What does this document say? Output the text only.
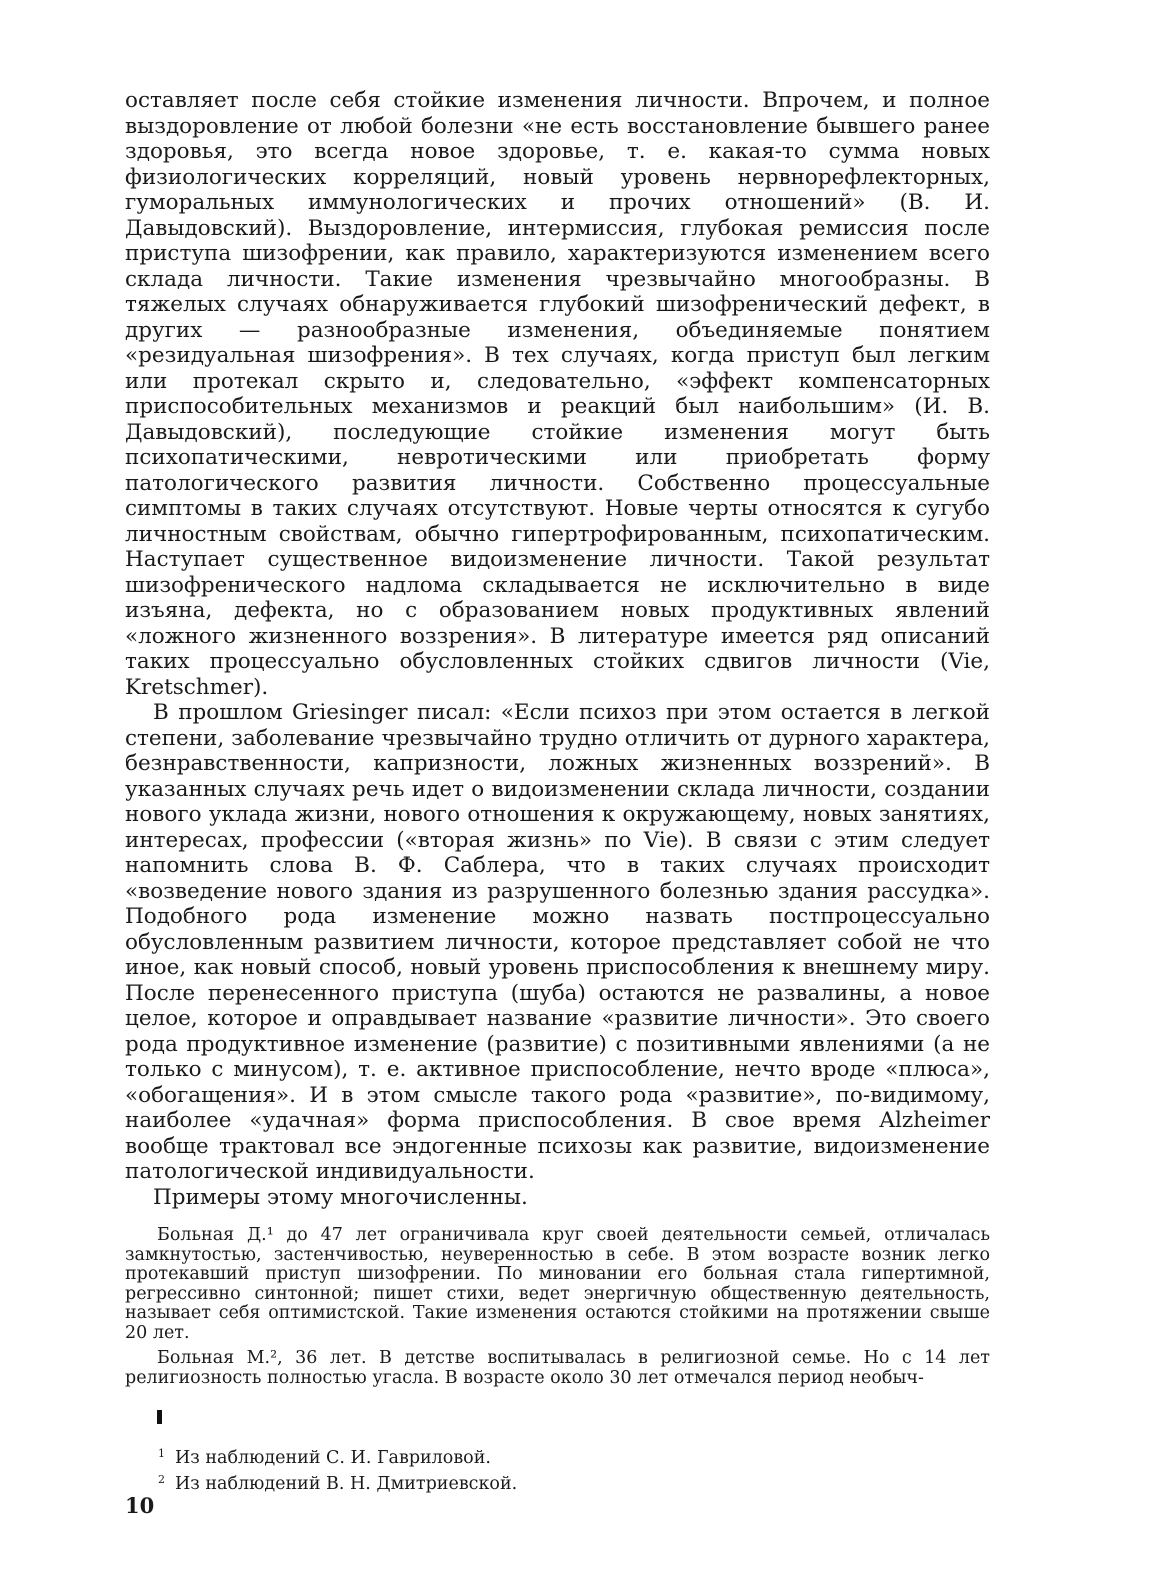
оставляет после себя стойкие изменения личности. Впрочем, и полное выздоровление от любой болезни «не есть восстановление бывшего ранее здоровья, это всегда новое здоровье, т. е. какая-то сумма новых физиологических корреляций, новый уровень нервнорефлекторных, гуморальных иммунологических и прочих отношений» (В. И. Давыдовский). Выздоровление, интермиссия, глубокая ремиссия после приступа шизофрении, как правило, характеризуются изменением всего склада личности. Такие изменения чрезвычайно многообразны. В тяжелых случаях обнаруживается глубокий шизофренический дефект, в других — разнообразные изменения, объединяемые понятием «резидуальная шизофрения». В тех случаях, когда приступ был легким или протекал скрыто и, следовательно, «эффект компенсаторных приспособительных механизмов и реакций был наибольшим» (И. В. Давыдовский), последующие стойкие изменения могут быть психопатическими, невротическими или приобретать форму патологического развития личности. Собственно процессуальные симптомы в таких случаях отсутствуют. Новые черты относятся к сугубо личностным свойствам, обычно гипертрофированным, психопатическим. Наступает существенное видоизменение личности. Такой результат шизофренического надлома складывается не исключительно в виде изъяна, дефекта, но с образованием новых продуктивных явлений «ложного жизненного воззрения». В литературе имеется ряд описаний таких процессуально обусловленных стойких сдвигов личности (Vie, Kretschmer).

В прошлом Griesinger писал: «Если психоз при этом остается в легкой степени, заболевание чрезвычайно трудно отличить от дурного характера, безнравственности, капризности, ложных жизненных воззрений». В указанных случаях речь идет о видоизменении склада личности, создании нового уклада жизни, нового отношения к окружающему, новых занятиях, интересах, профессии («вторая жизнь» по Vie). В связи с этим следует напомнить слова В. Ф. Саблера, что в таких случаях происходит «возведение нового здания из разрушенного болезнью здания рассудка». Подобного рода изменение можно назвать постпроцессуально обусловленным развитием личности, которое представляет собой не что иное, как новый способ, новый уровень приспособления к внешнему миру. После перенесенного приступа (шуба) остаются не развалины, а новое целое, которое и оправдывает название «развитие личности». Это своего рода продуктивное изменение (развитие) с позитивными явлениями (а не только с минусом), т. е. активное приспособление, нечто вроде «плюса», «обогащения». И в этом смысле такого рода «развитие», по-видимому, наиболее «удачная» форма приспособления. В свое время Alzheimer вообще трактовал все эндогенные психозы как развитие, видоизменение патологической индивидуальности.

Примеры этому многочисленны.

Больная Д.¹ до 47 лет ограничивала круг своей деятельности семьей, отличалась замкнутостью, застенчивостью, неуверенностью в себе. В этом возрасте возник легко протекавший приступ шизофрении. По миновании его больная стала гипертимной, регрессивно синтонной; пишет стихи, ведет энергичную общественную деятельность, называет себя оптимистской. Такие изменения остаются стойкими на протяжении свыше 20 лет.

Больная М.², 36 лет. В детстве воспитывалась в религиозной семье. Но с 14 лет религиозность полностью угасла. В возрасте около 30 лет отмечался период необыч-

$^1$ Из наблюдений С. И. Гавриловой.

$^2$ Из наблюдений В. Н. Дмитриевской.

10
